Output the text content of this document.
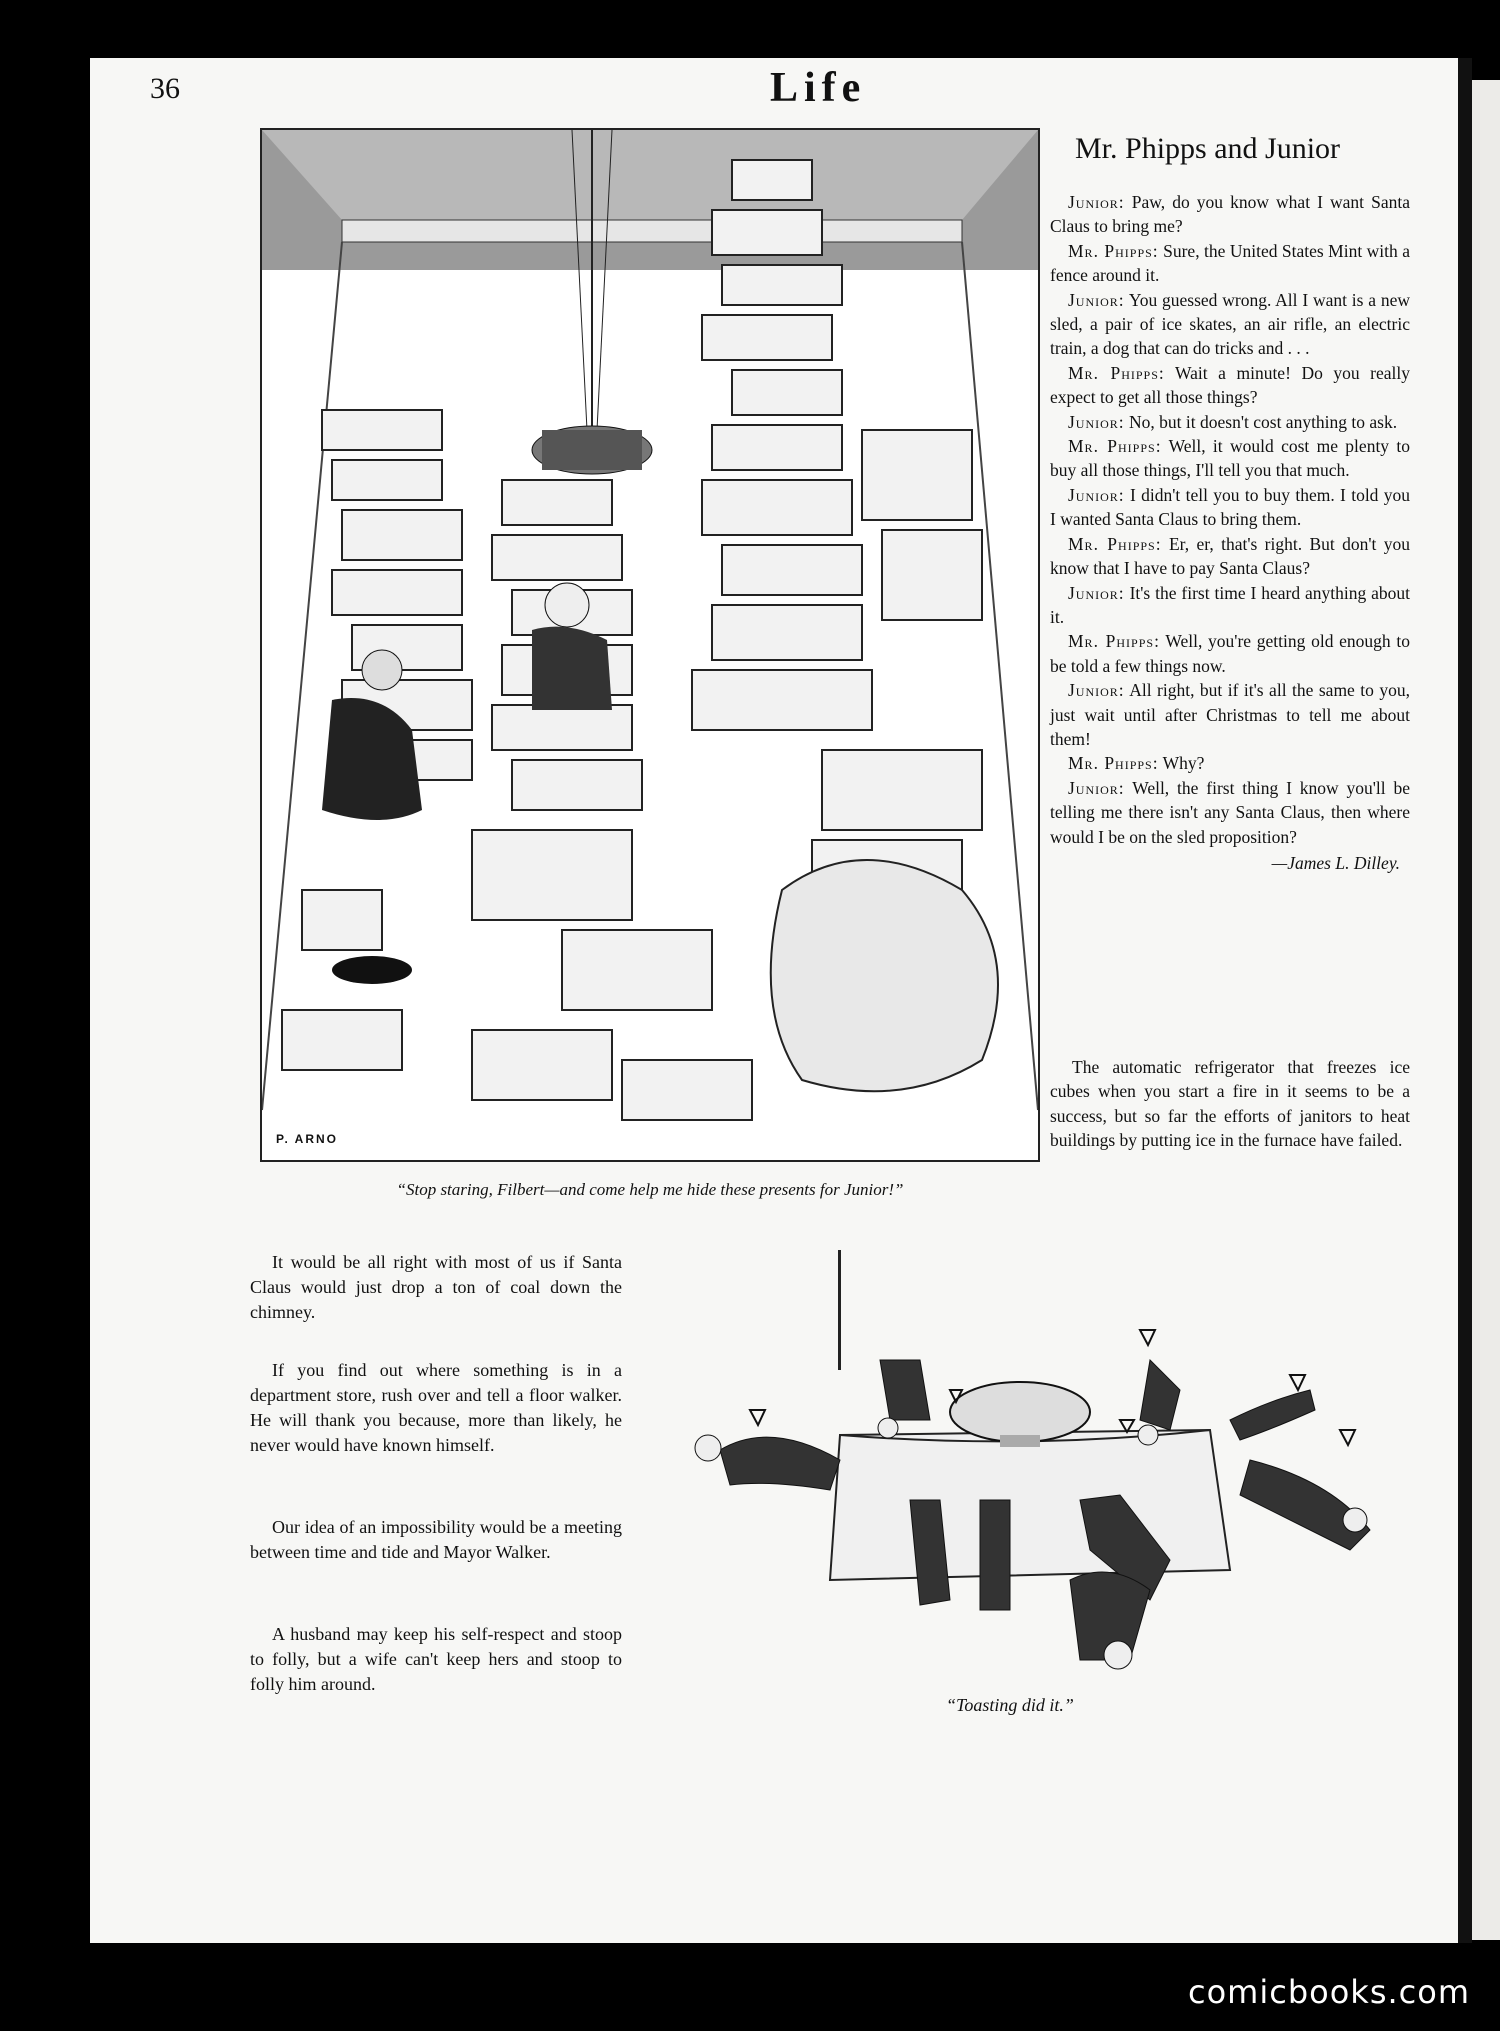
36	Life
P. ARNO
“Stop staring, Filbert—and come help me hide these presents for Junior!”
Mr. Phipps and Junior

Junior: Paw, do you know what I want Santa Claus to bring me?

Mr. Phipps: Sure, the United States Mint with a fence around it.

Junior: You guessed wrong. All I want is a new sled, a pair of ice skates, an air rifle, an electric train, a dog that can do tricks and . . .

Mr. Phipps: Wait a minute! Do you really expect to get all those things?

Junior: No, but it doesn't cost anything to ask.

Mr. Phipps: Well, it would cost me plenty to buy all those things, I'll tell you that much.

Junior: I didn't tell you to buy them. I told you I wanted Santa Claus to bring them.

Mr. Phipps: Er, er, that's right. But don't you know that I have to pay Santa Claus?

Junior: It's the first time I heard anything about it.

Mr. Phipps: Well, you're getting old enough to be told a few things now.

Junior: All right, but if it's all the same to you, just wait until after Christmas to tell me about them!

Mr. Phipps: Why?

Junior: Well, the first thing I know you'll be telling me there isn't any Santa Claus, then where would I be on the sled proposition?

—James L. Dilley.

The automatic refrigerator that freezes ice cubes when you start a fire in it seems to be a success, but so far the efforts of janitors to heat buildings by putting ice in the furnace have failed.

It would be all right with most of us if Santa Claus would just drop a ton of coal down the chimney.

If you find out where something is in a department store, rush over and tell a floor walker. He will thank you because, more than likely, he never would have known himself.

Our idea of an impossibility would be a meeting between time and tide and Mayor Walker.

A husband may keep his self-respect and stoop to folly, but a wife can't keep hers and stoop to folly him around.

“Toasting did it.”
comicbooks.com
